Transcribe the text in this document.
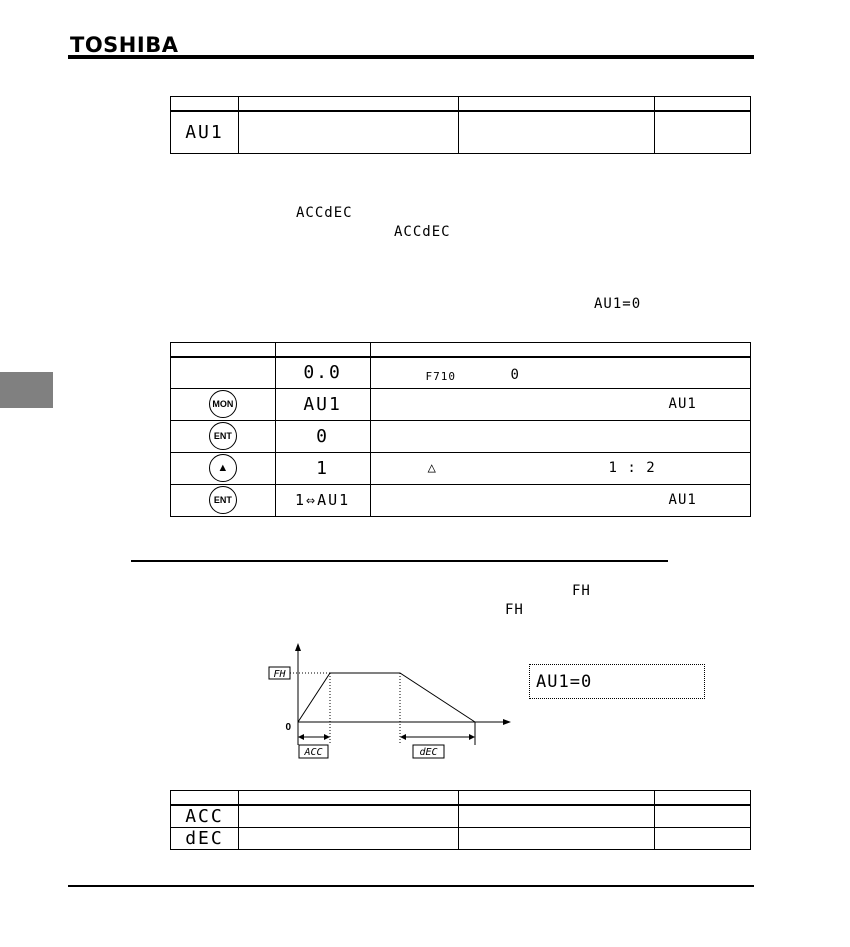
TOSHIBA

AU1			
ACCdEC
ACCdEC
AU1=0

	0.0	F710 0

MON	AU1	AU1

ENT	0	
▲	1	△ 1 : 2

ENT	1⇔AU1	AU1
FH
FH
FH
0
ACC	dEC
AU1=0

ACC			
dEC			
